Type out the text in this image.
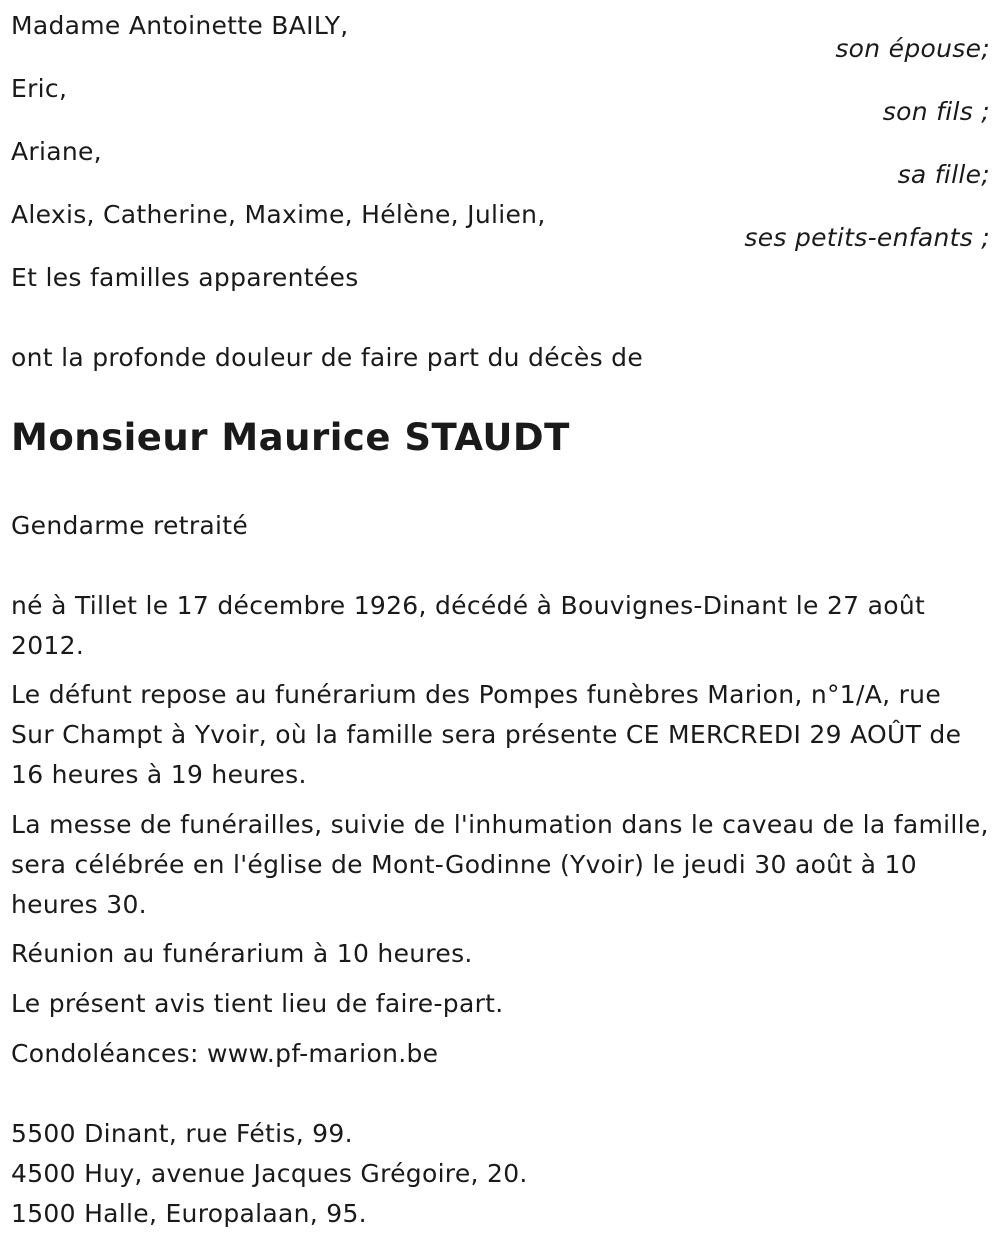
Madame Antoinette BAILY,
son épouse;
Eric,
son fils ;
Ariane,
sa fille;
Alexis, Catherine, Maxime, Hélène, Julien,
ses petits-enfants ;
Et les familles apparentées
ont la profonde douleur de faire part du décès de
Monsieur Maurice STAUDT
Gendarme retraité
né à Tillet le 17 décembre 1926, décédé à Bouvignes-Dinant le 27 août 2012.
Le défunt repose au funérarium des Pompes funèbres Marion, n°1/A, rue Sur Champt à Yvoir, où la famille sera présente CE MERCREDI 29 AOÛT de 16 heures à 19 heures.
La messe de funérailles, suivie de l'inhumation dans le caveau de la famille, sera célébrée en l'église de Mont-Godinne (Yvoir) le jeudi 30 août à 10 heures 30.
Réunion au funérarium à 10 heures.
Le présent avis tient lieu de faire-part.
Condoléances: www.pf-marion.be
5500 Dinant, rue Fétis, 99.
4500 Huy, avenue Jacques Grégoire, 20.
1500 Halle, Europalaan, 95.
